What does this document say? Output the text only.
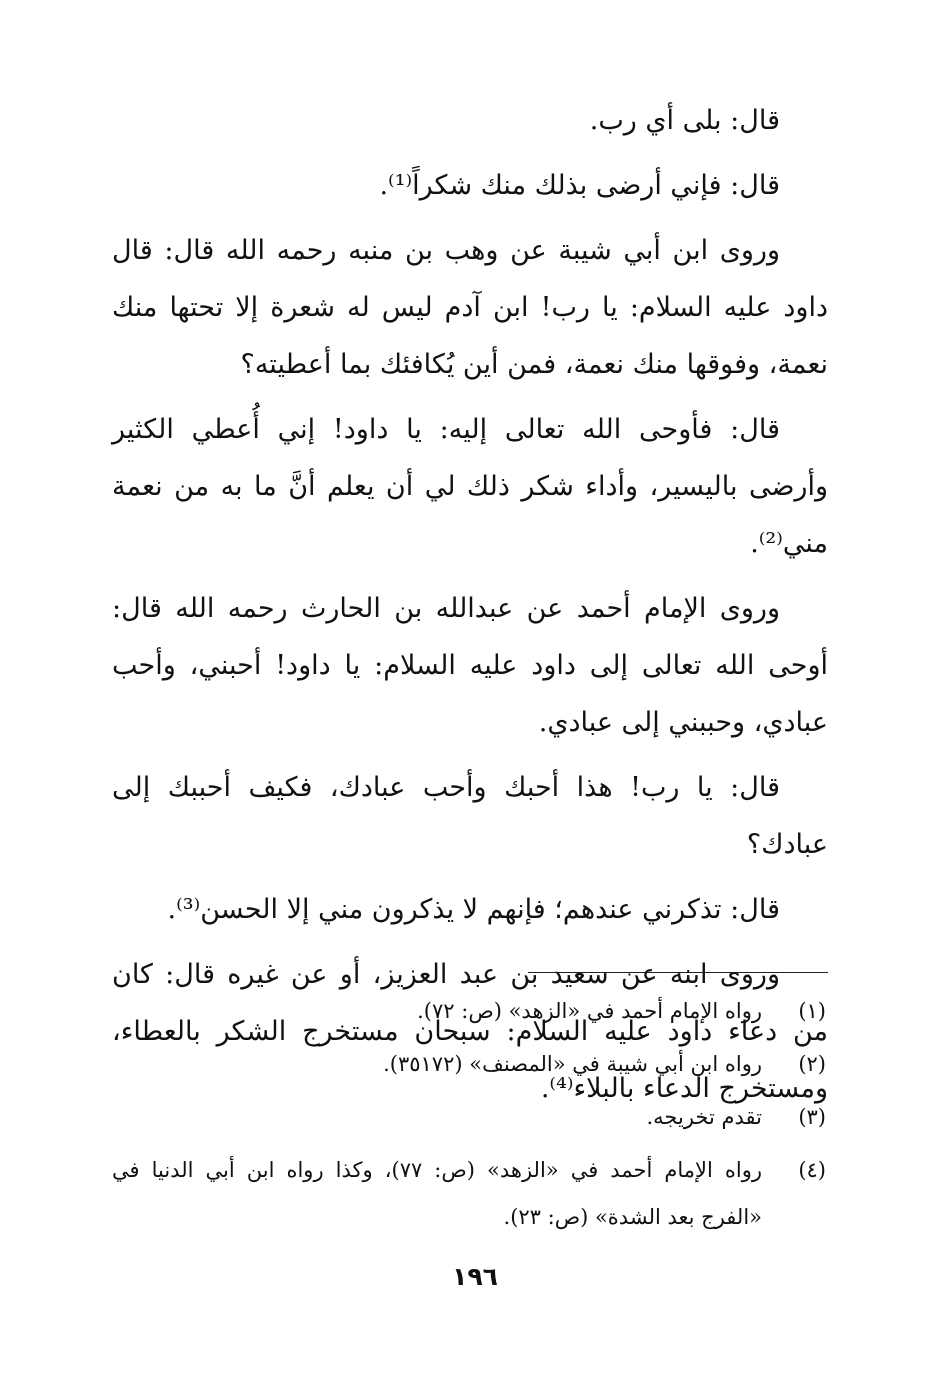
قال: بلى أي رب.

قال: فإني أرضى بذلك منك شكراً⁽¹⁾.

وروى ابن أبي شيبة عن وهب بن منبه رحمه الله قال: قال داود عليه السلام: يا رب! ابن آدم ليس له شعرة إلا تحتها منك نعمة، وفوقها منك نعمة، فمن أين يُكافئك بما أعطيته؟

قال: فأوحى الله تعالى إليه: يا داود! إني أُعطي الكثير وأرضى باليسير، وأداء شكر ذلك لي أن يعلم أنَّ ما به من نعمة مني⁽²⁾.

وروى الإمام أحمد عن عبدالله بن الحارث رحمه الله قال: أوحى الله تعالى إلى داود عليه السلام: يا داود! أحبني، وأحب عبادي، وحببني إلى عبادي.

قال: يا رب! هذا أحبك وأحب عبادك، فكيف أحببك إلى عبادك؟

قال: تذكرني عندهم؛ فإنهم لا يذكرون مني إلا الحسن⁽³⁾.

وروى ابنه عن سعيد بن عبد العزيز، أو عن غيره قال: كان من دعاء داود عليه السلام: سبحان مستخرج الشكر بالعطاء، ومستخرج الدعاء بالبلاء⁽⁴⁾.

(١)
رواه الإمام أحمد في «الزهد» (ص: ٧٢).
(٢)
رواه ابن أبي شيبة في «المصنف» (٣٥١٧٢).
(٣)
تقدم تخريجه.
(٤)
رواه الإمام أحمد في «الزهد» (ص: ٧٧)، وكذا رواه ابن أبي الدنيا في «الفرج بعد الشدة» (ص: ٢٣).
١٩٦
